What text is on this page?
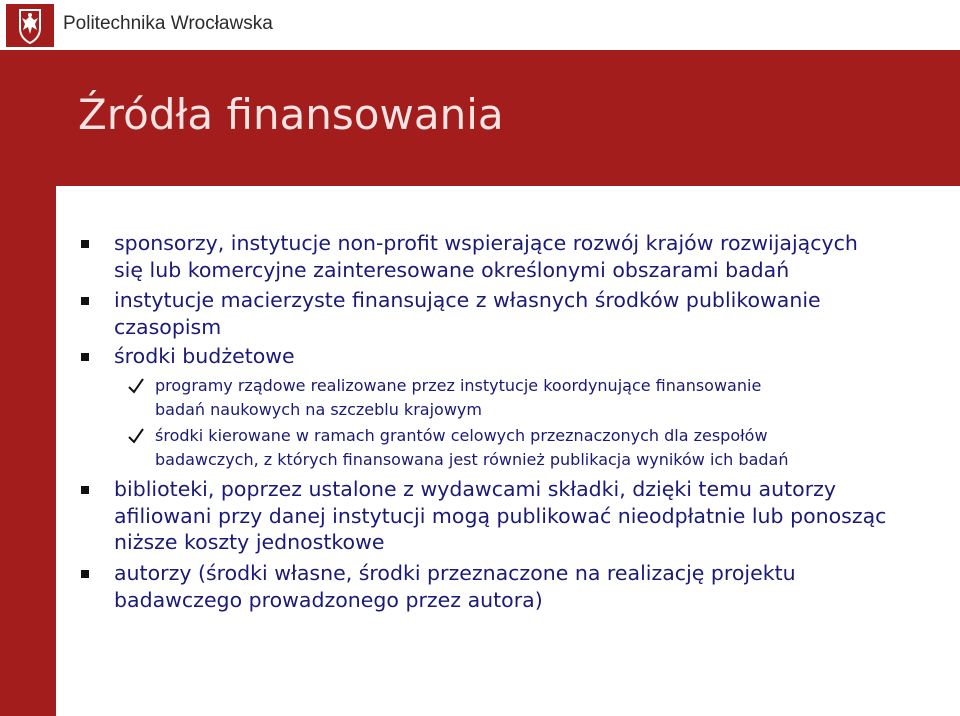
Politechnika Wrocławska
Źródła finansowania
sponsorzy, instytucje non-profit wspierające rozwój krajów rozwijających
się lub komercyjne zainteresowane określonymi obszarami badań
instytucje macierzyste finansujące z własnych środków publikowanie
czasopism
środki budżetowe
programy rządowe realizowane przez instytucje koordynujące finansowanie
badań naukowych na szczeblu krajowym
środki kierowane w ramach grantów celowych przeznaczonych dla zespołów
badawczych, z których finansowana jest również publikacja wyników ich badań
biblioteki, poprzez ustalone z wydawcami składki, dzięki temu autorzy
afiliowani przy danej instytucji mogą publikować nieodpłatnie lub ponosząc
niższe koszty jednostkowe
autorzy (środki własne, środki przeznaczone na realizację projektu
badawczego prowadzonego przez autora)
